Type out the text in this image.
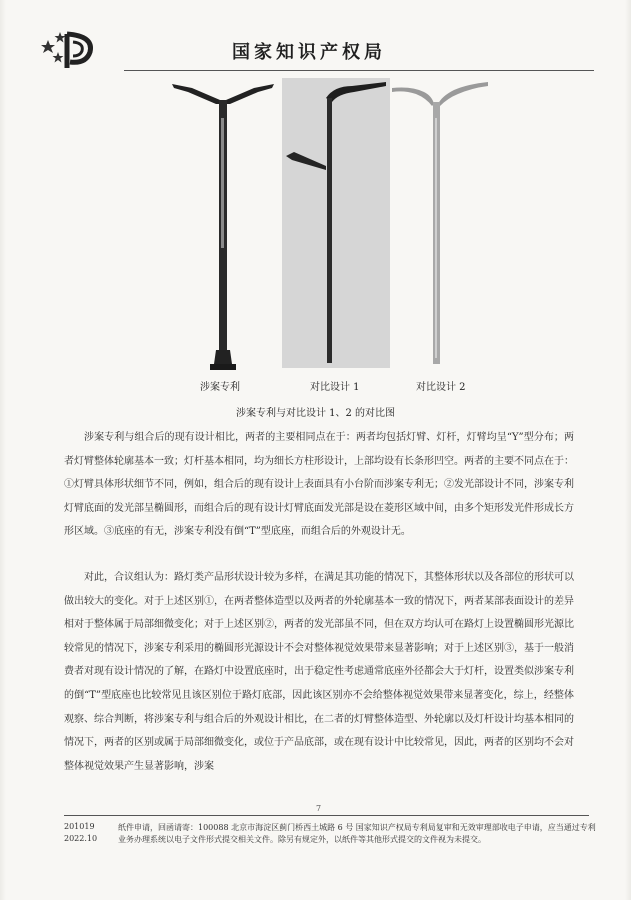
国家知识产权局
涉案专利	对比设计 1	对比设计 2
涉案专利与对比设计 1、2 的对比图
涉案专利与组合后的现有设计相比，两者的主要相同点在于：两者均包括灯臂、灯杆，灯臂均呈“Y”型分布；两者灯臂整体轮廓基本一致；灯杆基本相同，均为细长方柱形设计，上部均设有长条形凹空。两者的主要不同点在于：①灯臂具体形状细节不同，例如，组合后的现有设计上表面具有小台阶而涉案专利无；②发光部设计不同，涉案专利灯臂底面的发光部呈椭圆形，而组合后的现有设计灯臂底面发光部是设在菱形区域中间，由多个矩形发光件形成长方形区域。③底座的有无，涉案专利没有倒“T”型底座，而组合后的外观设计无。
对此，合议组认为：路灯类产品形状设计较为多样，在满足其功能的情况下，其整体形状以及各部位的形状可以做出较大的变化。对于上述区别①，在两者整体造型以及两者的外轮廓基本一致的情况下，两者某部表面设计的差异相对于整体属于局部细微变化；对于上述区别②，两者的发光部虽不同，但在双方均认可在路灯上设置椭圆形光源比较常见的情况下，涉案专利采用的椭圆形光源设计不会对整体视觉效果带来显著影响；对于上述区别③，基于一般消费者对现有设计情况的了解，在路灯中设置底座时，出于稳定性考虑通常底座外径都会大于灯杆，设置类似涉案专利的倒“T”型底座也比较常见且该区别位于路灯底部，因此该区别亦不会给整体视觉效果带来显著变化，综上，经整体观察、综合判断，将涉案专利与组合后的外观设计相比，在二者的灯臂整体造型、外轮廓以及灯杆设计均基本相同的情况下，两者的区别或属于局部细微变化，或位于产品底部，或在现有设计中比较常见，因此，两者的区别均不会对整体视觉效果产生显著影响，涉案
7
201019
2022.10
纸件申请，回函请寄：100088 北京市海淀区蓟门桥西土城路 6 号 国家知识产权局专利局复审和无效审理部收电子申请，应当通过专利业务办理系统以电子文件形式提交相关文件。除另有规定外，以纸件等其他形式提交的文件视为未提交。
